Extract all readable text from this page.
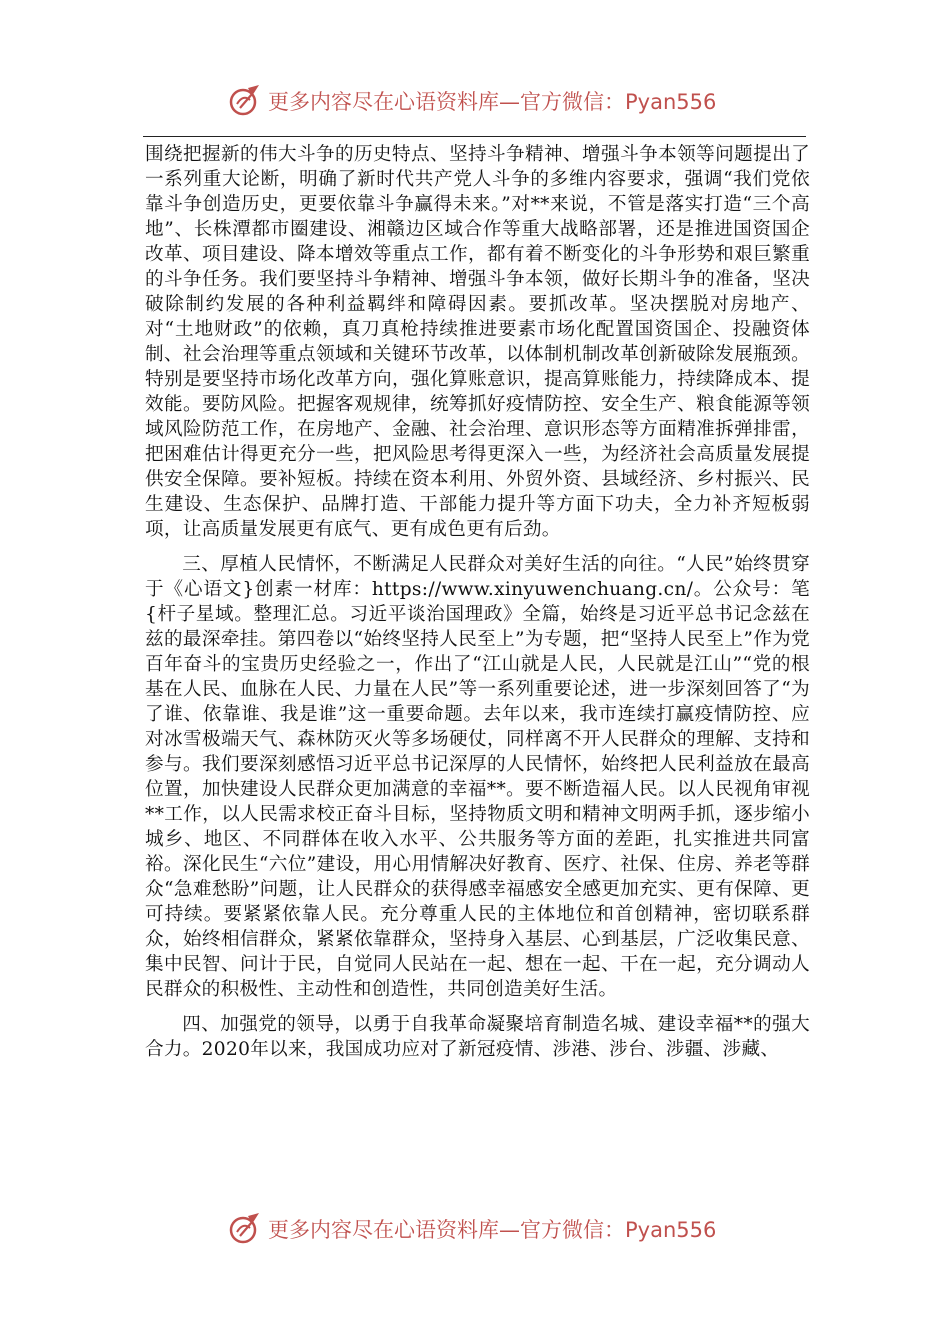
更多内容尽在心语资料库—官方微信：Pyan556

围绕把握新的伟大斗争的历史特点、坚持斗争精神、增强斗争本领等问题提出了一系列重大论断，明确了新时代共产党人斗争的多维内容要求，强调“我们党依靠斗争创造历史，更要依靠斗争赢得未来。”对**来说，不管是落实打造“三个高地”、长株潭都市圈建设、湘赣边区域合作等重大战略部署，还是推进国资国企改革、项目建设、降本增效等重点工作，都有着不断变化的斗争形势和艰巨繁重的斗争任务。我们要坚持斗争精神、增强斗争本领，做好长期斗争的准备，坚决破除制约发展的各种利益羁绊和障碍因素。要抓改革。坚决摆脱对房地产、对“土地财政”的依赖，真刀真枪持续推进要素市场化配置国资国企、投融资体制、社会治理等重点领域和关键环节改革，以体制机制改革创新破除发展瓶颈。特别是要坚持市场化改革方向，强化算账意识，提高算账能力，持续降成本、提效能。要防风险。把握客观规律，统筹抓好疫情防控、安全生产、粮食能源等领域风险防范工作，在房地产、金融、社会治理、意识形态等方面精准拆弹排雷，把困难估计得更充分一些，把风险思考得更深入一些，为经济社会高质量发展提供安全保障。要补短板。持续在资本利用、外贸外资、县域经济、乡村振兴、民生建设、生态保护、品牌打造、干部能力提升等方面下功夫，全力补齐短板弱项，让高质量发展更有底气、更有成色更有后劲。

三、厚植人民情怀，不断满足人民群众对美好生活的向往。“人民”始终贯穿于《心语文}创素一材库：https://www.xinyuwenchuang.cn/。公众号：笔{杆子星域。整理汇总。习近平谈治国理政》全篇，始终是习近平总书记念兹在兹的最深牵挂。第四卷以“始终坚持人民至上”为专题，把“坚持人民至上”作为党百年奋斗的宝贵历史经验之一，作出了“江山就是人民，人民就是江山”“党的根基在人民、血脉在人民、力量在人民”等一系列重要论述，进一步深刻回答了“为了谁、依靠谁、我是谁”这一重要命题。去年以来，我市连续打赢疫情防控、应对冰雪极端天气、森林防灭火等多场硬仗，同样离不开人民群众的理解、支持和参与。我们要深刻感悟习近平总书记深厚的人民情怀，始终把人民利益放在最高位置，加快建设人民群众更加满意的幸福**。要不断造福人民。以人民视角审视**工作，以人民需求校正奋斗目标，坚持物质文明和精神文明两手抓，逐步缩小城乡、地区、不同群体在收入水平、公共服务等方面的差距，扎实推进共同富裕。深化民生“六位”建设，用心用情解决好教育、医疗、社保、住房、养老等群众“急难愁盼”问题，让人民群众的获得感幸福感安全感更加充实、更有保障、更可持续。要紧紧依靠人民。充分尊重人民的主体地位和首创精神，密切联系群众，始终相信群众，紧紧依靠群众，坚持身入基层、心到基层，广泛收集民意、集中民智、问计于民，自觉同人民站在一起、想在一起、干在一起，充分调动人民群众的积极性、主动性和创造性，共同创造美好生活。

四、加强党的领导，以勇于自我革命凝聚培育制造名城、建设幸福**的强大合力。2020年以来，我国成功应对了新冠疫情、涉港、涉台、涉疆、涉藏、

更多内容尽在心语资料库—官方微信：Pyan556
